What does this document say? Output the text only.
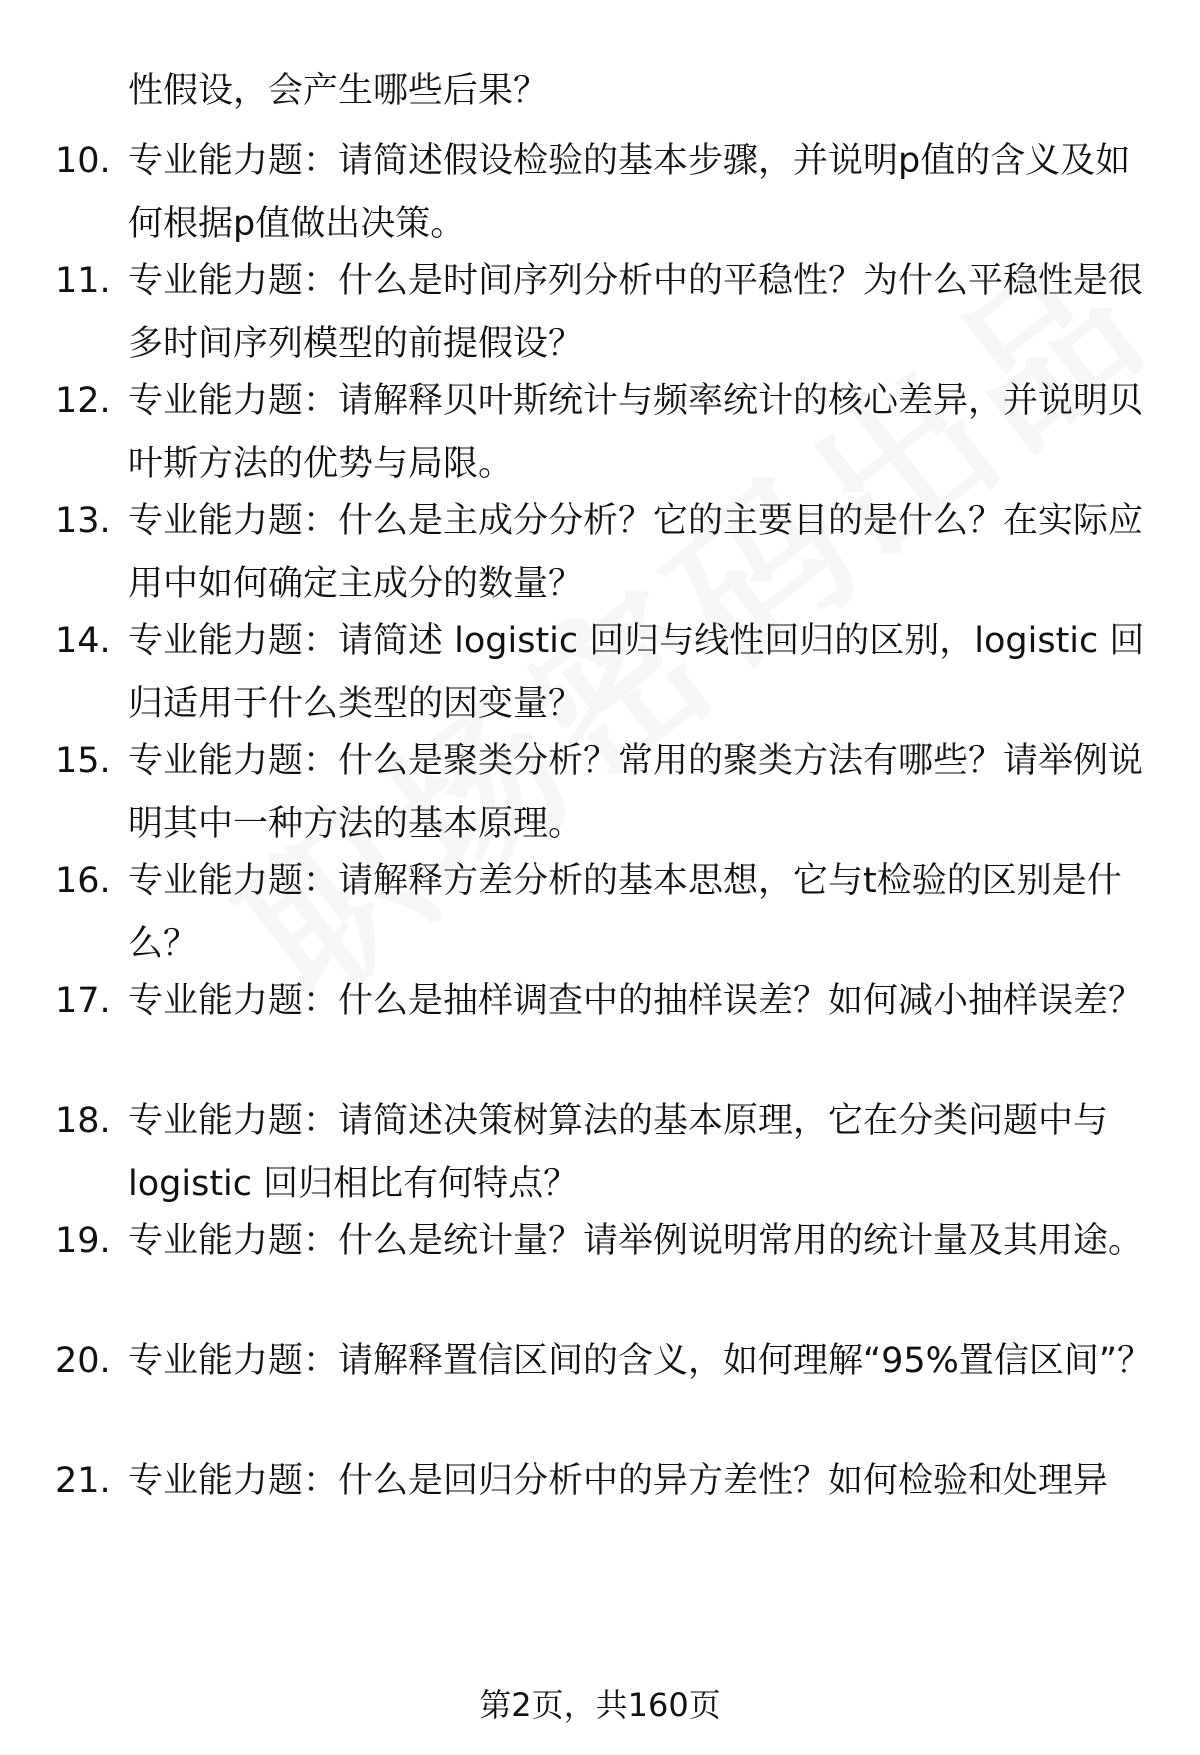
性假设，会产生哪些后果？

10. 专业能力题：请简述假设检验的基本步骤，并说明p值的含义及如何根据p值做出决策。
11. 专业能力题：什么是时间序列分析中的平稳性？为什么平稳性是很多时间序列模型的前提假设？
12. 专业能力题：请解释贝叶斯统计与频率统计的核心差异，并说明贝叶斯方法的优势与局限。
13. 专业能力题：什么是主成分分析？它的主要目的是什么？在实际应用中如何确定主成分的数量？
14. 专业能力题：请简述 logistic 回归与线性回归的区别，logistic 回归适用于什么类型的因变量？
15. 专业能力题：什么是聚类分析？常用的聚类方法有哪些？请举例说明其中一种方法的基本原理。
16. 专业能力题：请解释方差分析的基本思想，它与t检验的区别是什么？
17. 专业能力题：什么是抽样调查中的抽样误差？如何减小抽样误差？
18. 专业能力题：请简述决策树算法的基本原理，它在分类问题中与logistic 回归相比有何特点？
19. 专业能力题：什么是统计量？请举例说明常用的统计量及其用途。
20. 专业能力题：请解释置信区间的含义，如何理解“95%置信区间”？
21. 专业能力题：什么是回归分析中的异方差性？如何检验和处理异
第2页，共160页
